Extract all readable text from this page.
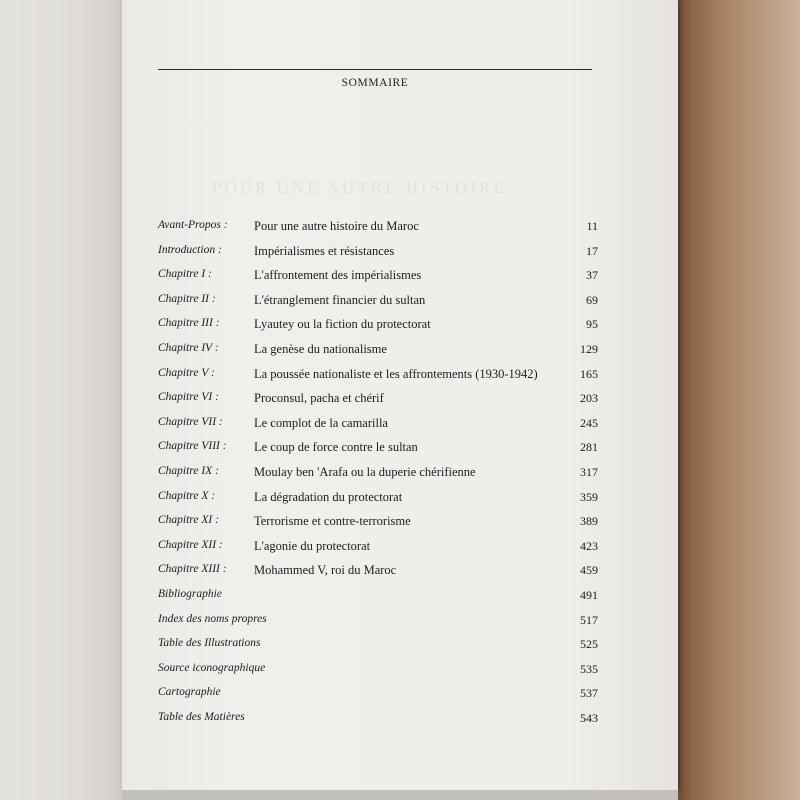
SOMMAIRE
POUR UNE AUTRE HISTOIRE
Avant-Propos : Pour une autre histoire du Maroc	11
Introduction :	Impérialismes et résistances	17
Chapitre I :	L'affrontement des impérialismes	37
Chapitre II :	L'étranglement financier du sultan	69
Chapitre III :	Lyautey ou la fiction du protectorat	95
Chapitre IV :	La genèse du nationalisme	129
Chapitre V :	La poussée nationaliste et les affrontements (1930-1942)	165
Chapitre VI :	Proconsul, pacha et chérif	203
Chapitre VII :	Le complot de la camarilla	245
Chapitre VIII : Le coup de force contre le sultan	281
Chapitre IX :	Moulay ben 'Arafa ou la duperie chérifienne	317
Chapitre X :	La dégradation du protectorat	359
Chapitre XI :	Terrorisme et contre-terrorisme	389
Chapitre XII :	L'agonie du protectorat	423
Chapitre XIII : Mohammed V, roi du Maroc	459
Bibliographie	491
Index des noms propres	517
Table des Illustrations	525
Source iconographique	535
Cartographie	537
Table des Matières	543
